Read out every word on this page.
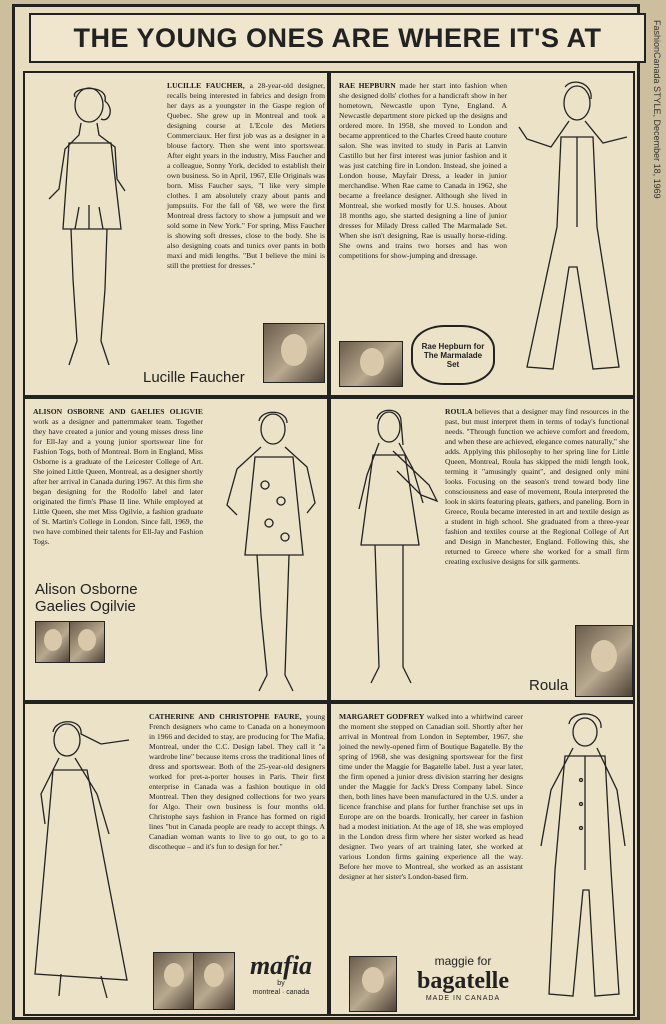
THE YOUNG ONES ARE WHERE IT'S AT
LUCILLE FAUCHER, a 28-year-old designer, recalls being interested in fabrics and design from her days as a youngster in the Gaspe region of Quebec. She grew up in Montreal and took a designing course at L'Ecole des Metiers Commerciaux. Her first job was as a designer in a blouse factory. Then she went into sportswear. After eight years in the industry, Miss Faucher and a colleague, Sonny York, decided to establish their own business. So in April, 1967, Elle Originals was born. Miss Faucher says, "I like very simple clothes. I am absolutely crazy about pants and jumpsuits. For the fall of '68, we were the first Montreal dress factory to show a jumpsuit and we sold some in New York." For spring, Miss Faucher is showing soft dresses, close to the body. She is also designing coats and tunics over pants in both maxi and midi lengths. "But I believe the mini is still the prettiest for dresses."
Lucille Faucher
RAE HEPBURN made her start into fashion when she designed dolls' clothes for a handicraft show in her hometown, Newcastle upon Tyne, England. A Newcastle department store picked up the designs and ordered more. In 1958, she moved to London and became apprenticed to the Charles Creed haute couture salon. She was invited to study in Paris at Lanvin Castillo but her first interest was junior fashion and it was just catching fire in London. Instead, she joined a London house, Mayfair Dress, a leader in junior merchandise. When Rae came to Canada in 1962, she became a freelance designer. Although she lived in Montreal, she worked mostly for U.S. houses. About 18 months ago, she started designing a line of junior dresses for Milady Dress called The Marmalade Set. When she isn't designing, Rae is usually horse-riding. She owns and trains two horses and has won competitions for show-jumping and dressage.
Rae Hepburn for The Marmalade Set
ALISON OSBORNE AND GAELIES OLIGVIE work as a designer and patternmaker team. Together they have created a junior and young misses dress line for Ell-Jay and a young junior sportswear line for Fashion Togs, both of Montreal. Born in England, Miss Osborne is a graduate of the Leicester College of Art. She joined Little Queen, Montreal, as a designer shortly after her arrival in Canada during 1967. At this firm she began designing for the Rodolfo label and later originated the firm's Phase II line. While employed at Little Queen, she met Miss Ogilvie, a fashion graduate of St. Martin's College in London. Since fall, 1969, the two have combined their talents for Ell-Jay and Fashion Togs.
Alison Osborne
Gaelies Ogilvie
ROULA believes that a designer may find resources in the past, but must interpret them in terms of today's functional needs. "Through function we achieve comfort and freedom, and when these are achieved, elegance comes naturally," she adds. Applying this philosophy to her spring line for Little Queen, Montreal, Roula has skipped the midi length look, terming it "amusingly quaint", and designed only mini looks. Focusing on the season's trend toward body line consciousness and ease of movement, Roula interpreted the look in skirts featuring pleats, gathers, and paneling. Born in Greece, Roula became interested in art and textile design as a student in high school. She graduated from a three-year fashion and textiles course at the Regional College of Art and Design in Manchester, England. Following this, she returned to Greece where she worked for a small firm creating exclusive designs for silk garments.
Roula
CATHERINE AND CHRISTOPHE FAURE, young French designers who came to Canada on a honeymoon in 1966 and decided to stay, are producing for The Mafia, Montreal, under the C.C. Design label. They call it "a wardrobe line" because items cross the traditional lines of dress and sportswear. Both of the 25-year-old designers worked for pret-a-porter houses in Paris. Their first enterprise in Canada was a fashion boutique in old Montreal. Then they designed collections for two years for Algo. Their own business is four months old. Christophe says fashion in France has formed on rigid lines "but in Canada people are ready to accept things. A Canadian woman wants to live to go out, to go to a discotheque – and it's fun to design for her."
mafia
by
montreal · canada
MARGARET GODFREY walked into a whirlwind career the moment she stepped on Canadian soil. Shortly after her arrival in Montreal from London in September, 1967, she joined the newly-opened firm of Boutique Bagatelle. By the spring of 1968, she was designing sportswear for the first time under the Maggie for Bagatelle label. Just a year later, the firm opened a junior dress division starring her designs under the Maggie for Jack's Dress Company label. Since then, both lines have been manufactured in the U.S. under a licence franchise and plans for further franchise set ups in Europe are on the boards. Ironically, her career in fashion had a modest initiation. At the age of 18, she was employed in the London dress firm where her sister worked as head designer. Two years of art training later, she worked at various London firms gaining experience all the way. Before her move to Montreal, she worked as an assistant designer at her sister's London-based firm.
maggie for
bagatelle
MADE IN CANADA
FashionCanada STYLE, December 18, 1969
